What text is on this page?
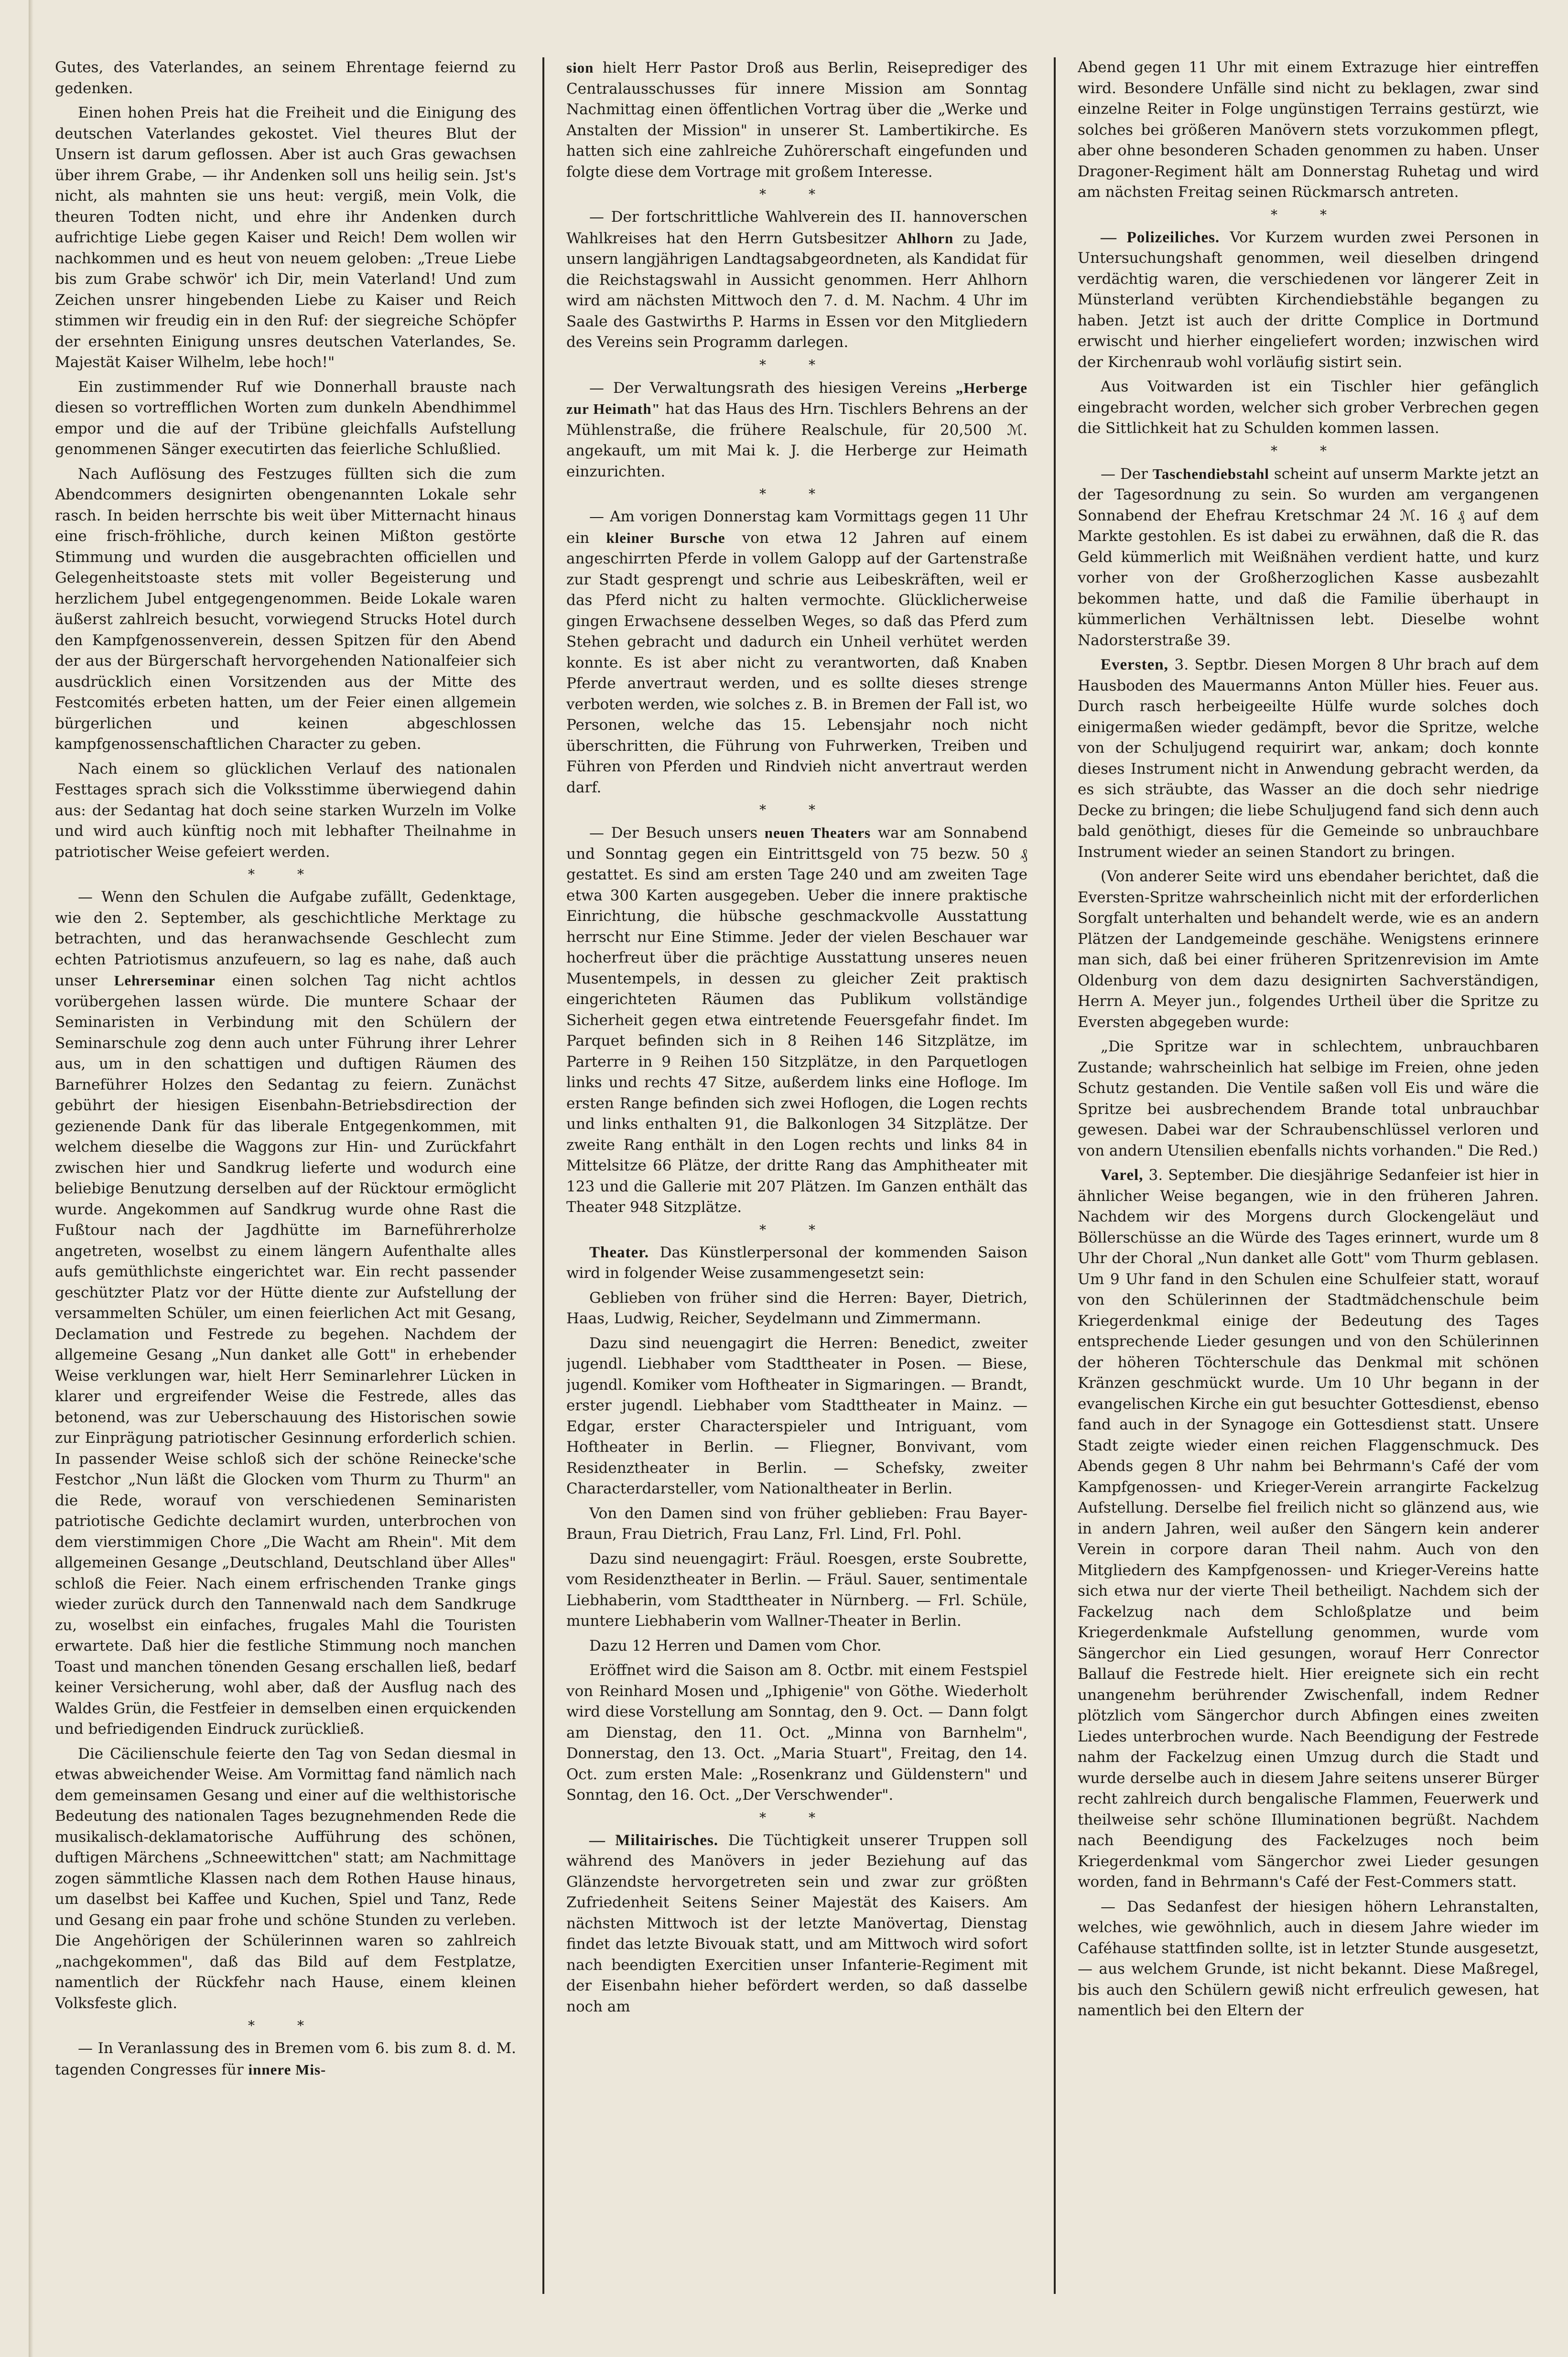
Gutes, des Vaterlandes, an seinem Ehrentage feiernd zu gedenken.

Einen hohen Preis hat die Freiheit und die Einigung des deutschen Vaterlandes gekostet. Viel theures Blut der Unsern ist darum geflossen. Aber ist auch Gras gewachsen über ihrem Grabe, — ihr Andenken soll uns heilig sein. Jst's nicht, als mahnten sie uns heut: vergiß, mein Volk, die theuren Todten nicht, und ehre ihr Andenken durch aufrichtige Liebe gegen Kaiser und Reich! Dem wollen wir nachkommen und es heut von neuem geloben: „Treue Liebe bis zum Grabe schwör' ich Dir, mein Vaterland! Und zum Zeichen unsrer hingebenden Liebe zu Kaiser und Reich stimmen wir freudig ein in den Ruf: der siegreiche Schöpfer der ersehnten Einigung unsres deutschen Vaterlandes, Se. Majestät Kaiser Wilhelm, lebe hoch!"

Ein zustimmender Ruf wie Donnerhall brauste nach diesen so vortrefflichen Worten zum dunkeln Abendhimmel empor und die auf der Tribüne gleichfalls Aufstellung genommenen Sänger executirten das feierliche Schlußlied.

Nach Auflösung des Festzuges füllten sich die zum Abendcommers designirten obengenannten Lokale sehr rasch. In beiden herrschte bis weit über Mitternacht hinaus eine frisch-fröhliche, durch keinen Mißton gestörte Stimmung und wurden die ausgebrachten officiellen und Gelegenheitstoaste stets mit voller Begeisterung und herzlichem Jubel entgegengenommen. Beide Lokale waren äußerst zahlreich besucht, vorwiegend Strucks Hotel durch den Kampfgenossenverein, dessen Spitzen für den Abend der aus der Bürgerschaft hervorgehenden Nationalfeier sich ausdrücklich einen Vorsitzenden aus der Mitte des Festcomités erbeten hatten, um der Feier einen allgemein bürgerlichen und keinen abgeschlossen kampfgenossenschaftlichen Character zu geben.

Nach einem so glücklichen Verlauf des nationalen Festtages sprach sich die Volksstimme überwiegend dahin aus: der Sedantag hat doch seine starken Wurzeln im Volke und wird auch künftig noch mit lebhafter Theilnahme in patriotischer Weise gefeiert werden.

* *

— Wenn den Schulen die Aufgabe zufällt, Gedenktage, wie den 2. September, als geschichtliche Merktage zu betrachten, und das heranwachsende Geschlecht zum echten Patriotismus anzufeuern, so lag es nahe, daß auch unser Lehrerseminar einen solchen Tag nicht achtlos vorübergehen lassen würde. Die muntere Schaar der Seminaristen in Verbindung mit den Schülern der Seminarschule zog denn auch unter Führung ihrer Lehrer aus, um in den schattigen und duftigen Räumen des Barneführer Holzes den Sedantag zu feiern. Zunächst gebührt der hiesigen Eisenbahn-Betriebsdirection der gezienende Dank für das liberale Entgegenkommen, mit welchem dieselbe die Waggons zur Hin- und Zurückfahrt zwischen hier und Sandkrug lieferte und wodurch eine beliebige Benutzung derselben auf der Rücktour ermöglicht wurde. Angekommen auf Sandkrug wurde ohne Rast die Fußtour nach der Jagdhütte im Barneführerholze angetreten, woselbst zu einem längern Aufenthalte alles aufs gemüthlichste eingerichtet war. Ein recht passender geschützter Platz vor der Hütte diente zur Aufstellung der versammelten Schüler, um einen feierlichen Act mit Gesang, Declamation und Festrede zu begehen. Nachdem der allgemeine Gesang „Nun danket alle Gott" in erhebender Weise verklungen war, hielt Herr Seminarlehrer Lücken in klarer und ergreifender Weise die Festrede, alles das betonend, was zur Ueberschauung des Historischen sowie zur Einprägung patriotischer Gesinnung erforderlich schien. In passender Weise schloß sich der schöne Reinecke'sche Festchor „Nun läßt die Glocken vom Thurm zu Thurm" an die Rede, worauf von verschiedenen Seminaristen patriotische Gedichte declamirt wurden, unterbrochen von dem vierstimmigen Chore „Die Wacht am Rhein". Mit dem allgemeinen Gesange „Deutschland, Deutschland über Alles" schloß die Feier. Nach einem erfrischenden Tranke gings wieder zurück durch den Tannenwald nach dem Sandkruge zu, woselbst ein einfaches, frugales Mahl die Touristen erwartete. Daß hier die festliche Stimmung noch manchen Toast und manchen tönenden Gesang erschallen ließ, bedarf keiner Versicherung, wohl aber, daß der Ausflug nach des Waldes Grün, die Festfeier in demselben einen erquickenden und befriedigenden Eindruck zurückließ.

Die Cäcilienschule feierte den Tag von Sedan diesmal in etwas abweichender Weise. Am Vormittag fand nämlich nach dem gemeinsamen Gesang und einer auf die welthistorische Bedeutung des nationalen Tages bezugnehmenden Rede die musikalisch-deklamatorische Aufführung des schönen, duftigen Märchens „Schneewittchen" statt; am Nachmittage zogen sämmtliche Klassen nach dem Rothen Hause hinaus, um daselbst bei Kaffee und Kuchen, Spiel und Tanz, Rede und Gesang ein paar frohe und schöne Stunden zu verleben. Die Angehörigen der Schülerinnen waren so zahlreich „nachgekommen", daß das Bild auf dem Festplatze, namentlich der Rückfehr nach Hause, einem kleinen Volksfeste glich.

* *

— In Veranlassung des in Bremen vom 6. bis zum 8. d. M. tagenden Congresses für innere Mis-

sion hielt Herr Pastor Droß aus Berlin, Reiseprediger des Centralausschusses für innere Mission am Sonntag Nachmittag einen öffentlichen Vortrag über die „Werke und Anstalten der Mission" in unserer St. Lambertikirche. Es hatten sich eine zahlreiche Zuhörerschaft eingefunden und folgte diese dem Vortrage mit großem Interesse.

* *

— Der fortschrittliche Wahlverein des II. hannoverschen Wahlkreises hat den Herrn Gutsbesitzer Ahlhorn zu Jade, unsern langjährigen Landtagsabgeordneten, als Kandidat für die Reichstagswahl in Aussicht genommen. Herr Ahlhorn wird am nächsten Mittwoch den 7. d. M. Nachm. 4 Uhr im Saale des Gastwirths P. Harms in Essen vor den Mitgliedern des Vereins sein Programm darlegen.

* *

— Der Verwaltungsrath des hiesigen Vereins „Herberge zur Heimath" hat das Haus des Hrn. Tischlers Behrens an der Mühlenstraße, die frühere Realschule, für 20,500 ℳ. angekauft, um mit Mai k. J. die Herberge zur Heimath einzurichten.

* *

— Am vorigen Donnerstag kam Vormittags gegen 11 Uhr ein kleiner Bursche von etwa 12 Jahren auf einem angeschirrten Pferde in vollem Galopp auf der Gartenstraße zur Stadt gesprengt und schrie aus Leibeskräften, weil er das Pferd nicht zu halten vermochte. Glücklicherweise gingen Erwachsene desselben Weges, so daß das Pferd zum Stehen gebracht und dadurch ein Unheil verhütet werden konnte. Es ist aber nicht zu verantworten, daß Knaben Pferde anvertraut werden, und es sollte dieses strenge verboten werden, wie solches z. B. in Bremen der Fall ist, wo Personen, welche das 15. Lebensjahr noch nicht überschritten, die Führung von Fuhrwerken, Treiben und Führen von Pferden und Rindvieh nicht anvertraut werden darf.

* *

— Der Besuch unsers neuen Theaters war am Sonnabend und Sonntag gegen ein Eintrittsgeld von 75 bezw. 50 ₰ gestattet. Es sind am ersten Tage 240 und am zweiten Tage etwa 300 Karten ausgegeben. Ueber die innere praktische Einrichtung, die hübsche geschmackvolle Ausstattung herrscht nur Eine Stimme. Jeder der vielen Beschauer war hocherfreut über die prächtige Ausstattung unseres neuen Musentempels, in dessen zu gleicher Zeit praktisch eingerichteten Räumen das Publikum vollständige Sicherheit gegen etwa eintretende Feuersgefahr findet. Im Parquet befinden sich in 8 Reihen 146 Sitzplätze, im Parterre in 9 Reihen 150 Sitzplätze, in den Parquetlogen links und rechts 47 Sitze, außerdem links eine Hofloge. Im ersten Range befinden sich zwei Hoflogen, die Logen rechts und links enthalten 91, die Balkonlogen 34 Sitzplätze. Der zweite Rang enthält in den Logen rechts und links 84 in Mittelsitze 66 Plätze, der dritte Rang das Amphitheater mit 123 und die Gallerie mit 207 Plätzen. Im Ganzen enthält das Theater 948 Sitzplätze.

* *

Theater. Das Künstlerpersonal der kommenden Saison wird in folgender Weise zusammengesetzt sein:

Geblieben von früher sind die Herren: Bayer, Dietrich, Haas, Ludwig, Reicher, Seydelmann und Zimmermann.

Dazu sind neuengagirt die Herren: Benedict, zweiter jugendl. Liebhaber vom Stadttheater in Posen. — Biese, jugendl. Komiker vom Hoftheater in Sigmaringen. — Brandt, erster jugendl. Liebhaber vom Stadttheater in Mainz. — Edgar, erster Characterspieler und Intriguant, vom Hoftheater in Berlin. — Fliegner, Bonvivant, vom Residenztheater in Berlin. — Schefsky, zweiter Characterdarsteller, vom Nationaltheater in Berlin.

Von den Damen sind von früher geblieben: Frau Bayer-Braun, Frau Dietrich, Frau Lanz, Frl. Lind, Frl. Pohl.

Dazu sind neuengagirt: Fräul. Roesgen, erste Soubrette, vom Residenztheater in Berlin. — Fräul. Sauer, sentimentale Liebhaberin, vom Stadttheater in Nürnberg. — Frl. Schüle, muntere Liebhaberin vom Wallner-Theater in Berlin.

Dazu 12 Herren und Damen vom Chor.

Eröffnet wird die Saison am 8. Octbr. mit einem Festspiel von Reinhard Mosen und „Iphigenie" von Göthe. Wiederholt wird diese Vorstellung am Sonntag, den 9. Oct. — Dann folgt am Dienstag, den 11. Oct. „Minna von Barnhelm", Donnerstag, den 13. Oct. „Maria Stuart", Freitag, den 14. Oct. zum ersten Male: „Rosenkranz und Güldenstern" und Sonntag, den 16. Oct. „Der Verschwender".

* *

— Militairisches. Die Tüchtigkeit unserer Truppen soll während des Manövers in jeder Beziehung auf das Glänzendste hervorgetreten sein und zwar zur größten Zufriedenheit Seitens Seiner Majestät des Kaisers. Am nächsten Mittwoch ist der letzte Manövertag, Dienstag findet das letzte Bivouak statt, und am Mittwoch wird sofort nach beendigten Exercitien unser Infanterie-Regiment mit der Eisenbahn hieher befördert werden, so daß dasselbe noch am

Abend gegen 11 Uhr mit einem Extrazuge hier eintreffen wird. Besondere Unfälle sind nicht zu beklagen, zwar sind einzelne Reiter in Folge ungünstigen Terrains gestürzt, wie solches bei größeren Manövern stets vorzukommen pflegt, aber ohne besonderen Schaden genommen zu haben. Unser Dragoner-Regiment hält am Donnerstag Ruhetag und wird am nächsten Freitag seinen Rückmarsch antreten.

* *

— Polizeiliches. Vor Kurzem wurden zwei Personen in Untersuchungshaft genommen, weil dieselben dringend verdächtig waren, die verschiedenen vor längerer Zeit in Münsterland verübten Kirchendiebstähle begangen zu haben. Jetzt ist auch der dritte Complice in Dortmund erwischt und hierher eingeliefert worden; inzwischen wird der Kirchenraub wohl vorläufig sistirt sein.

Aus Voitwarden ist ein Tischler hier gefänglich eingebracht worden, welcher sich grober Verbrechen gegen die Sittlichkeit hat zu Schulden kommen lassen.

* *

— Der Taschendiebstahl scheint auf unserm Markte jetzt an der Tagesordnung zu sein. So wurden am vergangenen Sonnabend der Ehefrau Kretschmar 24 ℳ. 16 ₰ auf dem Markte gestohlen. Es ist dabei zu erwähnen, daß die R. das Geld kümmerlich mit Weißnähen verdient hatte, und kurz vorher von der Großherzoglichen Kasse ausbezahlt bekommen hatte, und daß die Familie überhaupt in kümmerlichen Verhältnissen lebt. Dieselbe wohnt Nadorsterstraße 39.

Eversten, 3. Septbr. Diesen Morgen 8 Uhr brach auf dem Hausboden des Mauermanns Anton Müller hies. Feuer aus. Durch rasch herbeigeeilte Hülfe wurde solches doch einigermaßen wieder gedämpft, bevor die Spritze, welche von der Schuljugend requirirt war, ankam; doch konnte dieses Instrument nicht in Anwendung gebracht werden, da es sich sträubte, das Wasser an die doch sehr niedrige Decke zu bringen; die liebe Schuljugend fand sich denn auch bald genöthigt, dieses für die Gemeinde so unbrauchbare Instrument wieder an seinen Standort zu bringen.

(Von anderer Seite wird uns ebendaher berichtet, daß die Eversten-Spritze wahrscheinlich nicht mit der erforderlichen Sorgfalt unterhalten und behandelt werde, wie es an andern Plätzen der Landgemeinde geschähe. Wenigstens erinnere man sich, daß bei einer früheren Spritzenrevision im Amte Oldenburg von dem dazu designirten Sachverständigen, Herrn A. Meyer jun., folgendes Urtheil über die Spritze zu Eversten abgegeben wurde:

„Die Spritze war in schlechtem, unbrauchbaren Zustande; wahrscheinlich hat selbige im Freien, ohne jeden Schutz gestanden. Die Ventile saßen voll Eis und wäre die Spritze bei ausbrechendem Brande total unbrauchbar gewesen. Dabei war der Schraubenschlüssel verloren und von andern Utensilien ebenfalls nichts vorhanden." Die Red.)

Varel, 3. September. Die diesjährige Sedanfeier ist hier in ähnlicher Weise begangen, wie in den früheren Jahren. Nachdem wir des Morgens durch Glockengeläut und Böllerschüsse an die Würde des Tages erinnert, wurde um 8 Uhr der Choral „Nun danket alle Gott" vom Thurm geblasen. Um 9 Uhr fand in den Schulen eine Schulfeier statt, worauf von den Schülerinnen der Stadtmädchenschule beim Kriegerdenkmal einige der Bedeutung des Tages entsprechende Lieder gesungen und von den Schülerinnen der höheren Töchterschule das Denkmal mit schönen Kränzen geschmückt wurde. Um 10 Uhr begann in der evangelischen Kirche ein gut besuchter Gottesdienst, ebenso fand auch in der Synagoge ein Gottesdienst statt. Unsere Stadt zeigte wieder einen reichen Flaggenschmuck. Des Abends gegen 8 Uhr nahm bei Behrmann's Café der vom Kampfgenossen- und Krieger-Verein arrangirte Fackelzug Aufstellung. Derselbe fiel freilich nicht so glänzend aus, wie in andern Jahren, weil außer den Sängern kein anderer Verein in corpore daran Theil nahm. Auch von den Mitgliedern des Kampfgenossen- und Krieger-Vereins hatte sich etwa nur der vierte Theil betheiligt. Nachdem sich der Fackelzug nach dem Schloßplatze und beim Kriegerdenkmale Aufstellung genommen, wurde vom Sängerchor ein Lied gesungen, worauf Herr Conrector Ballauf die Festrede hielt. Hier ereignete sich ein recht unangenehm berührender Zwischenfall, indem Redner plötzlich vom Sängerchor durch Abfingen eines zweiten Liedes unterbrochen wurde. Nach Beendigung der Festrede nahm der Fackelzug einen Umzug durch die Stadt und wurde derselbe auch in diesem Jahre seitens unserer Bürger recht zahlreich durch bengalische Flammen, Feuerwerk und theilweise sehr schöne Illuminationen begrüßt. Nachdem nach Beendigung des Fackelzuges noch beim Kriegerdenkmal vom Sängerchor zwei Lieder gesungen worden, fand in Behrmann's Café der Fest-Commers statt.

— Das Sedanfest der hiesigen höhern Lehranstalten, welches, wie gewöhnlich, auch in diesem Jahre wieder im Caféhause stattfinden sollte, ist in letzter Stunde ausgesetzt, — aus welchem Grunde, ist nicht bekannt. Diese Maßregel, bis auch den Schülern gewiß nicht erfreulich gewesen, hat namentlich bei den Eltern der
